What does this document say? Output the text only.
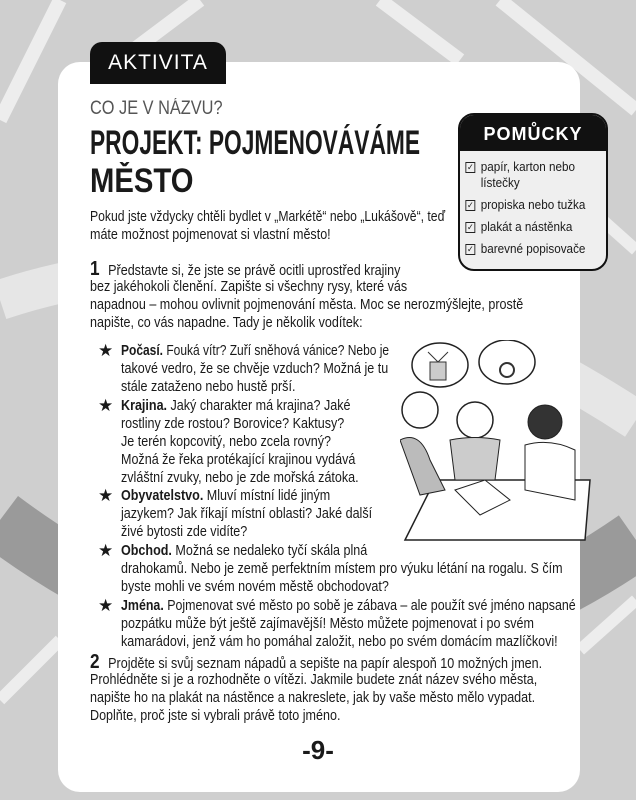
AKTIVITA
CO JE V NÁZVU?
PROJEKT: POJMENOVÁVÁME
MĚSTO
Pokud jste vždycky chtěli bydlet v „Markétě“ nebo „Lukášově“, teď
máte možnost pojmenovat si vlastní město!
POMŮCKY
✓ papír, karton nebo lístečky
✓ propiska nebo tužka
✓ plakát a nástěnka
✓ barevné popisovače
1 Představte si, že jste se právě ocitli uprostřed krajiny
bez jakéhokoli členění. Zapište si všechny rysy, které vás
napadnou – mohou ovlivnit pojmenování města. Moc se nerozmýšlejte, prostě
napište, co vás napadne. Tady je několik vodítek:
★ Počasí. Fouká vítr? Zuří sněhová vánice? Nebo je
takové vedro, že se chvěje vzduch? Možná je tu
stále zataženo nebo hustě prší.
★ Krajina. Jaký charakter má krajina? Jaké
rostliny zde rostou? Borovice? Kaktusy?
Je terén kopcovitý, nebo zcela rovný?
Možná že řeka protékající krajinou vydává
zvláštní zvuky, nebo je zde mořská zátoka.
★ Obyvatelstvo. Mluví místní lidé jiným
jazykem? Jak říkají místní oblasti? Jaké další
živé bytosti zde vidíte?
★ Obchod. Možná se nedaleko tyčí skála plná
drahokamů. Nebo je země perfektním místem pro výuku létání na rogalu. S čím
byste mohli ve svém novém městě obchodovat?
★ Jména. Pojmenovat své město po sobě je zábava – ale použít své jméno napsané
pozpátku může být ještě zajímavější! Město můžete pojmenovat i po svém
kamarádovi, jenž vám ho pomáhal založit, nebo po svém domácím mazlíčkovi!
2 Projděte si svůj seznam nápadů a sepište na papír alespoň 10 možných jmen.
Prohlédněte si je a rozhodněte o vítězi. Jakmile budete znát název svého města,
napište ho na plakát na nástěnce a nakreslete, jak by vaše město mělo vypadat.
Doplňte, proč jste si vybrali právě toto jméno.
-9-
